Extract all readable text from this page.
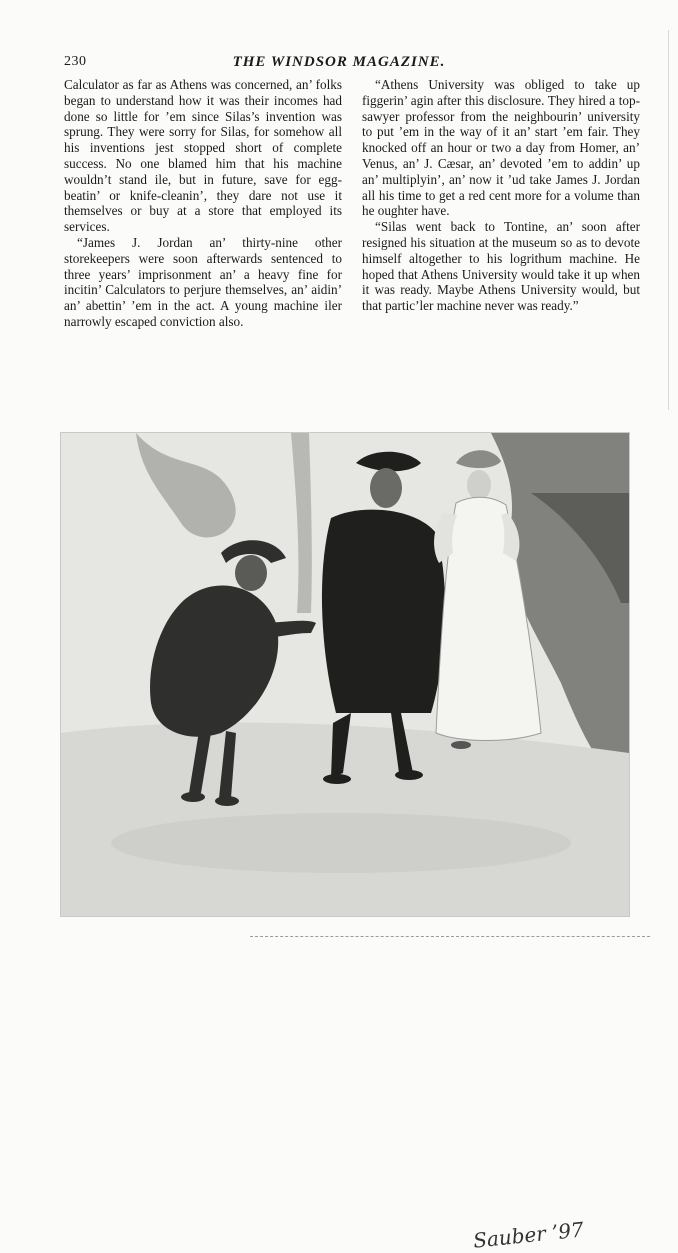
230	THE WINDSOR MAGAZINE.

Calculator as far as Athens was concerned, an’ folks began to understand how it was their incomes had done so little for ’em since Silas’s invention was sprung. They were sorry for Silas, for somehow all his inventions jest stopped short of complete success. No one blamed him that his machine wouldn’t stand ile, but in future, save for egg-beatin’ or knife-cleanin’, they dare not use it themselves or buy at a store that employed its services.

“James J. Jordan an’ thirty-nine other storekeepers were soon afterwards sentenced to three years’ imprisonment an’ a heavy fine for incitin’ Calculators to perjure themselves, an’ aidin’ an’ abettin’ ’em in the act. A young machine iler narrowly escaped conviction also.

“Athens University was obliged to take up figgerin’ agin after this disclosure. They hired a top-sawyer professor from the neighbourin’ university to put ’em in the way of it an’ start ’em fair. They knocked off an hour or two a day from Homer, an’ Venus, an’ J. Cæsar, an’ devoted ’em to addin’ up an’ multiplyin’, an’ now it ’ud take James J. Jordan all his time to get a red cent more for a volume than he oughter have.

“Silas went back to Tontine, an’ soon after resigned his situation at the museum so as to devote himself altogether to his logrithum machine. He hoped that Athens University would take it up when it was ready. Maybe Athens University would, but that partic’ler machine never was ready.”

Sauber ’97
